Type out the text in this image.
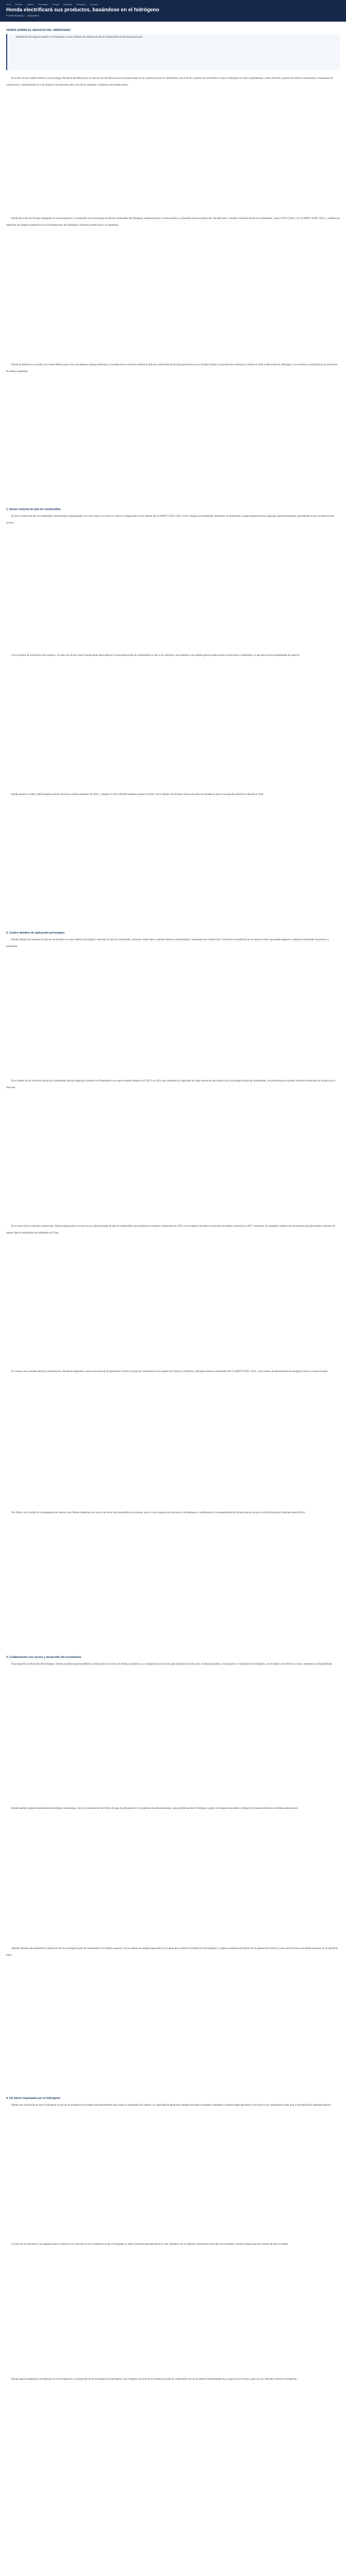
Inicio Noticias Opinión Tecnología Energía Movilidad Hidrógeno Contacto
Honda electrificará sus productos, basándose en el hidrógeno
Por MH Bussard | 31/01/2024
HONDA SOBRE EL NEGOCIO DEL HIDRÓGENO

Ampliación del negocio basado en el hidrógeno con los sistemas del sistema de pila de combustible de próxima generación

En el año de este cambio histórico de tecnología, Honda ha decidido poner en marcha sus iniciativas para la próxima etapa de los sistemas de pila de combustible, con el fin de construir una sociedad en la que el hidrógeno se utilice ampliamente, como vehículos, generación eléctrica estacionaria y maquinaria de construcción, contribuyendo así a los objetivos de emisiones netas cero de las empresas y gobiernos del mundo entero.

Honda lleva más de 30 años trabajando en la investigación y el desarrollo de la tecnología de pila de combustible del hidrógeno, empezando por la ciencia básica y avanzando hasta la producción. Ha fabricado y vendido vehículos de pila de combustible, como el FCX Clarity y el CLARITY FUEL CELL, y también ha adquirido una amplia experiencia con la infraestructura del hidrógeno, incluida la producción y el suministro.

Honda ha firmado un acuerdo con General Motors para crear una empresa conjunta dedicada a la producción en masa de sistemas de pila de combustible de próxima generación en los Estados Unidos. La producción comenzará a finales de 2024 en Brownstown, Michigan, y los sistemas se utilizarán en los productos de ambas compañías.

1. Nuevo sistema de pila de combustible

El nuevo sistema de pila de combustible, desarrollado conjuntamente con GM, reduce a un tercio el coste en comparación con el sistema del CLARITY FUEL CELL 2019 y duplica su durabilidad. Asimismo, el rendimiento a bajas temperaturas ha mejorado significativamente, permitiendo su uso en entornos más severos.

Con la mejora de la eficiencia del sistema y la reducción de los costes, Honda puede ahora aplicar la tecnología de pila de combustible no solo a los vehículos, sino también a una amplia gama de aplicaciones comerciales e industriales, lo que abre nuevas posibilidades de negocio.

Honda apunta a vender 2.000 unidades anuales del nuevo sistema alrededor de 2025, y ampliar la cifra a 60.000 unidades anuales en 2030, con el objetivo de alcanzar cientos de miles de unidades al año en la segunda mitad de la década de 2030.

2. Cuatro ámbitos de aplicación principales

Honda utilizará los sistemas de pila de combustible en cuatro ámbitos principales: vehículos de pila de combustible, vehículos comerciales, centrales eléctricas estacionarias y maquinaria de construcción. Cada área se beneficiará de un sistema común que puede adaptarse a distintas necesidades de potencia y autonomía.

En el ámbito de los vehículos de pila de combustible, Honda empezará a producir en Norteamérica un nuevo modelo basado en el CR-V en 2024, que combinará la capacidad de carga externa de una batería con la tecnología de pila de combustible, convirtiéndose en el primer vehículo de este tipo de la marca en el mercado.

En el sector de los vehículos comerciales, Honda trabaja junto con Isuzu en un camión pesado de pila de combustible cuyas pruebas en carretera comenzaron en 2023, con el objetivo de lanzar al mercado un modelo comercial en 2027. Asimismo, la compañía colabora con otras firmas para desarrollar camiones de reparto ligeros impulsados por hidrógeno en China.

En cuanto a las centrales eléctricas estacionarias, Honda ha empezado a operar una estación de generación eléctrica de pila de combustible en su campus de Torrance, California, utilizando sistemas reutilizados del CLARITY FUEL CELL, como fuente de alimentación de emergencia para su centro de datos.

Por último, en el ámbito de la maquinaria de construcción, Honda colaborará con socios del sector para desarrollar excavadoras, grúas y otros equipos que funcionen con hidrógeno, contribuyendo a la descarbonización de las obras en las que la electrificación por baterías resulta difícil.

3. Colaboración con socios y desarrollo del ecosistema

Para expandir la utilización del hidrógeno, Honda considera imprescindible la colaboración con socios de distintas industrias. La compañía buscará socios para impulsar la producción, el almacenamiento, el transporte y el suministro de hidrógeno, con el objetivo de reducir su coste y aumentar su disponibilidad.

Honda también seguirá desarrollando tecnologías relacionadas, como los sistemas de electrólisis de agua de alta presión y los depósitos de almacenamiento, que permiten producir hidrógeno a partir de energías renovables y utilizarlo de manera eficiente en distintas aplicaciones.

Además, Honda está estudiando la aplicación de su tecnología de pila de combustible en el ámbito espacial, con un sistema de energía regenerativo circulante que combina la producción de hidrógeno y oxígeno mediante electrólisis con la generación eléctrica, como solución para actividades humanas en la superficie lunar.

4. Un futuro impulsado por el hidrógeno

Honda está convencida de que el hidrógeno es uno de los portadores de energía más prometedores para lograr la neutralidad de carbono. Su capacidad de almacenar energía renovable en grandes cantidades y durante largos periodos lo convierte en un complemento ideal para la electrificación mediante baterías.

A través de sus iniciativas, la compañía quiere contribuir a la creación de una sociedad en la que el hidrógeno se utilice de forma generalizada en la vida cotidiana y en la industria, ofreciendo soluciones de movilidad y energía limpias para los clientes de todo el mundo.

Honda seguirá ampliando sus esfuerzos en la investigación y el desarrollo de las tecnologías del hidrógeno, con el objetivo de hacer de los sistemas de pila de combustible uno de los pilares fundamentales de su negocio en el futuro, junto con los vehículos eléctricos de baterías.
